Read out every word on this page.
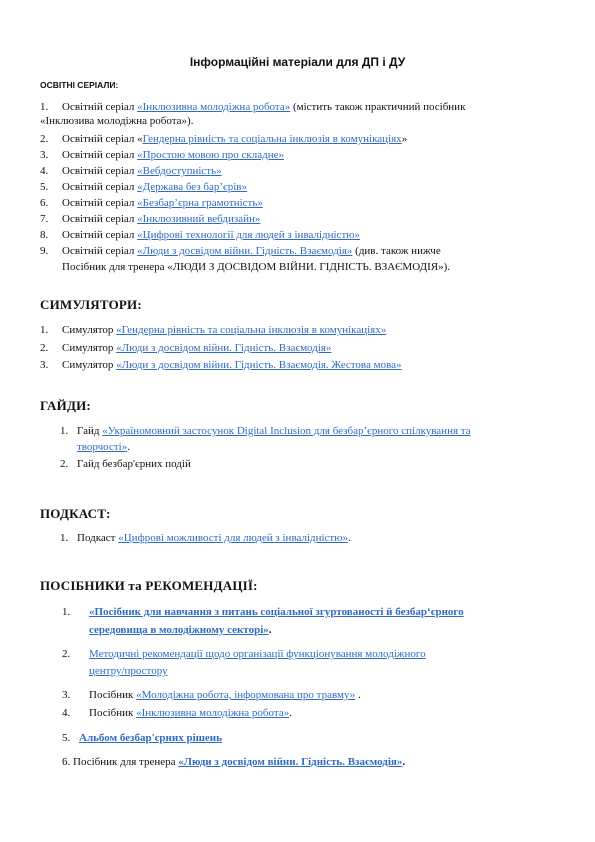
Інформаційні матеріали для ДП і ДУ
ОСВІТНІ СЕРІАЛИ:
1. Освітній серіал «Інклюзивна молодіжна робота» (містить також практичний посібник
«Інклюзива молодіжна робота»).
2. Освітній серіал «Гендерна рівність та соціальна інклюзія в комунікаціях»
3. Освітній серіал «Простою мовою про складне»
4. Освітній серіал «Вебдоступність»
5. Освітній серіал «Держава без бар’єрів»
6. Освітній серіал «Безбар’єрна грамотність»
7. Освітній серіал «Інклюзивний вебдизайн»
8. Освітній серіал «Цифрові технології для людей з інвалідністю»
9. Освітній серіал «Люди з досвідом війни. Гідність. Взаємодія» (див. також нижче
Посібник для тренера «ЛЮДИ З ДОСВІДОМ ВІЙНИ. ГІДНІСТЬ. ВЗАЄМОДІЯ»).
СИМУЛЯТОРИ:
1. Симулятор «Гендерна рівність та соціальна інклюзія в комунікаціях»
2. Симулятор «Люди з досвідом війни. Гідність. Взаємодія»
3. Симулятор «Люди з досвідом війни. Гідність. Взаємодія. Жестова мова»
ГАЙДИ:
1. Гайд «Україномовний застосунок Digital Inclusion для безбар’єрного спілкування та
творчості».
2. Гайд безбар'єрних подій
ПОДКАСТ:
1. Подкаст «Цифрові можливості для людей з інвалідністю».
ПОСІБНИКИ та РЕКОМЕНДАЦІЇ:
1. «Посібник для навчання з питань соціальної згуртованості й безбар‘єрного
середовища в молодіжному секторі».
2. Методичні рекомендації щодо організації функціонування молодіжного
центру/простору
3. Посібник «Молодіжна робота, інформована про травму» .
4. Посібник «Інклюзивна молодіжна робота».
5. Альбом безбар'єрних рішень
6. Посібник для тренера «Люди з досвідом війни. Гідність. Взаємодія».
